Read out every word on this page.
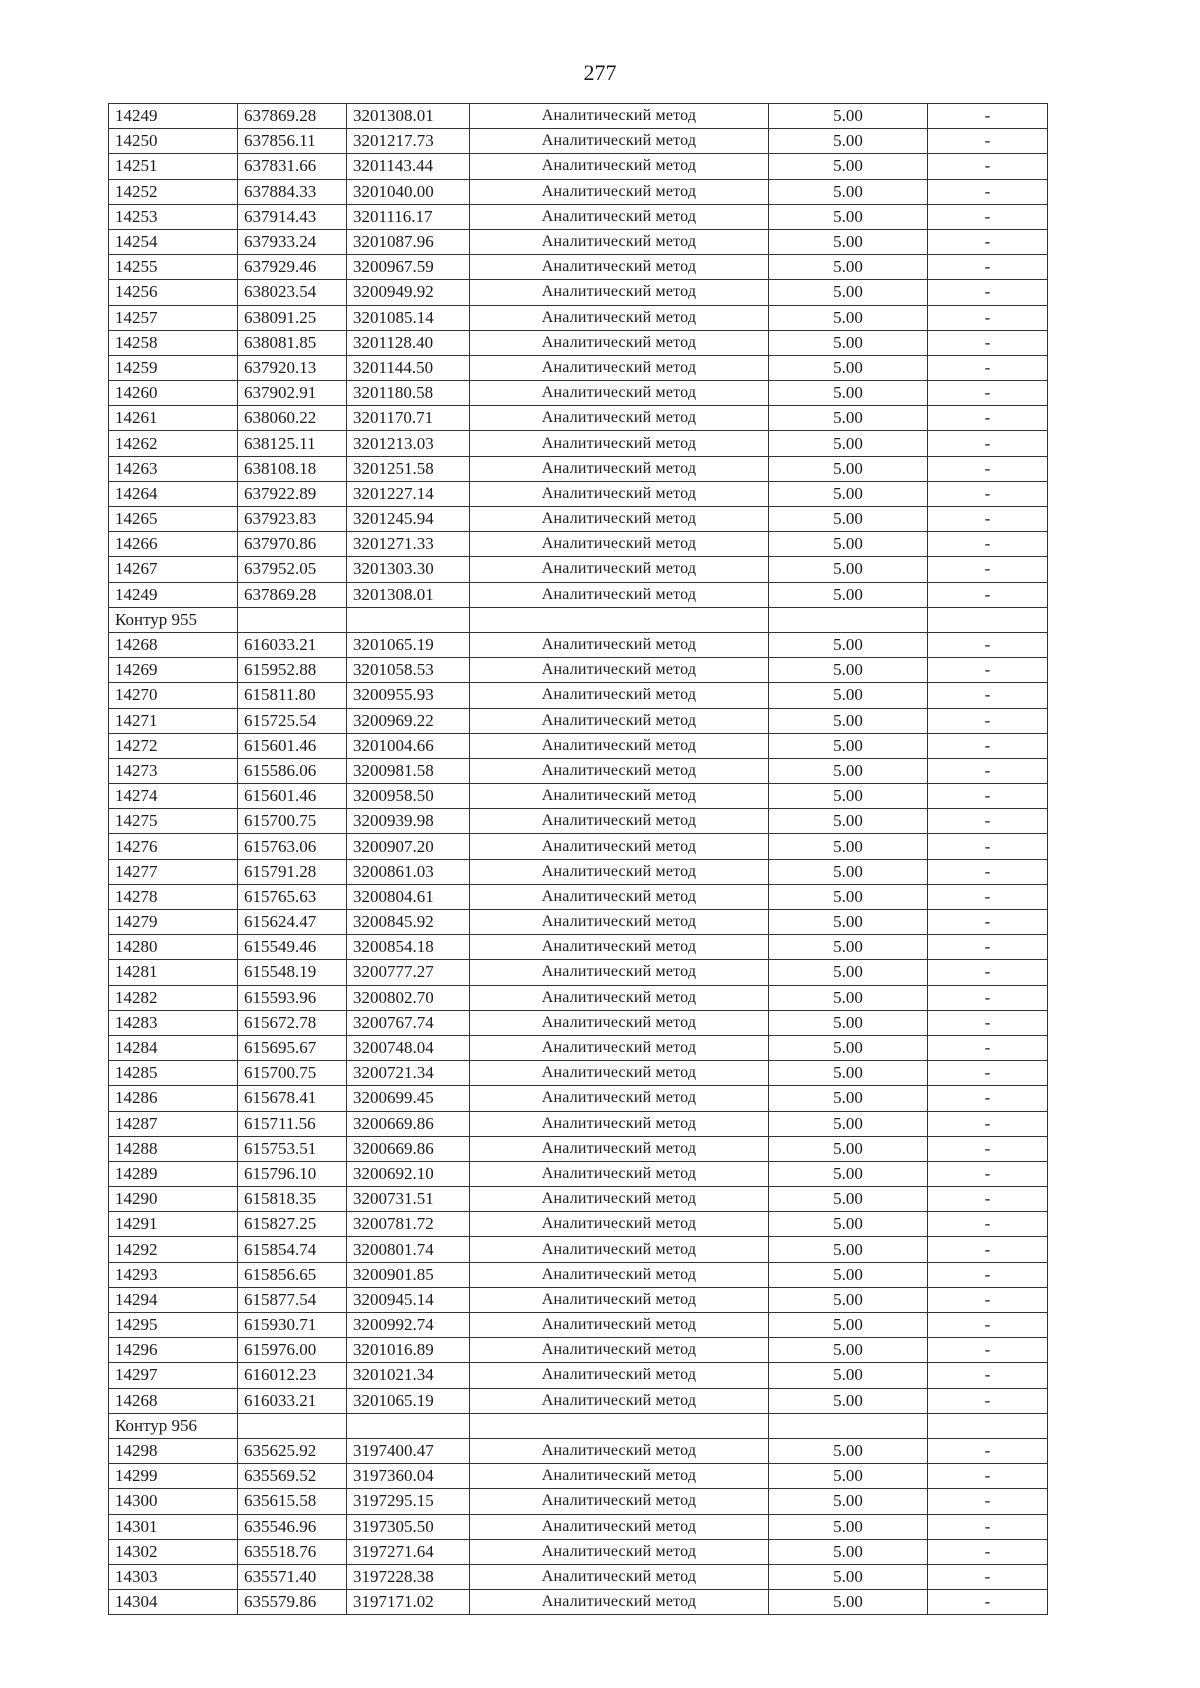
277
14249	637869.28	3201308.01	Аналитический метод	5.00	-
14250	637856.11	3201217.73	Аналитический метод	5.00	-
14251	637831.66	3201143.44	Аналитический метод	5.00	-
14252	637884.33	3201040.00	Аналитический метод	5.00	-
14253	637914.43	3201116.17	Аналитический метод	5.00	-
14254	637933.24	3201087.96	Аналитический метод	5.00	-
14255	637929.46	3200967.59	Аналитический метод	5.00	-
14256	638023.54	3200949.92	Аналитический метод	5.00	-
14257	638091.25	3201085.14	Аналитический метод	5.00	-
14258	638081.85	3201128.40	Аналитический метод	5.00	-
14259	637920.13	3201144.50	Аналитический метод	5.00	-
14260	637902.91	3201180.58	Аналитический метод	5.00	-
14261	638060.22	3201170.71	Аналитический метод	5.00	-
14262	638125.11	3201213.03	Аналитический метод	5.00	-
14263	638108.18	3201251.58	Аналитический метод	5.00	-
14264	637922.89	3201227.14	Аналитический метод	5.00	-
14265	637923.83	3201245.94	Аналитический метод	5.00	-
14266	637970.86	3201271.33	Аналитический метод	5.00	-
14267	637952.05	3201303.30	Аналитический метод	5.00	-
14249	637869.28	3201308.01	Аналитический метод	5.00	-
Контур 955					
14268	616033.21	3201065.19	Аналитический метод	5.00	-
14269	615952.88	3201058.53	Аналитический метод	5.00	-
14270	615811.80	3200955.93	Аналитический метод	5.00	-
14271	615725.54	3200969.22	Аналитический метод	5.00	-
14272	615601.46	3201004.66	Аналитический метод	5.00	-
14273	615586.06	3200981.58	Аналитический метод	5.00	-
14274	615601.46	3200958.50	Аналитический метод	5.00	-
14275	615700.75	3200939.98	Аналитический метод	5.00	-
14276	615763.06	3200907.20	Аналитический метод	5.00	-
14277	615791.28	3200861.03	Аналитический метод	5.00	-
14278	615765.63	3200804.61	Аналитический метод	5.00	-
14279	615624.47	3200845.92	Аналитический метод	5.00	-
14280	615549.46	3200854.18	Аналитический метод	5.00	-
14281	615548.19	3200777.27	Аналитический метод	5.00	-
14282	615593.96	3200802.70	Аналитический метод	5.00	-
14283	615672.78	3200767.74	Аналитический метод	5.00	-
14284	615695.67	3200748.04	Аналитический метод	5.00	-
14285	615700.75	3200721.34	Аналитический метод	5.00	-
14286	615678.41	3200699.45	Аналитический метод	5.00	-
14287	615711.56	3200669.86	Аналитический метод	5.00	-
14288	615753.51	3200669.86	Аналитический метод	5.00	-
14289	615796.10	3200692.10	Аналитический метод	5.00	-
14290	615818.35	3200731.51	Аналитический метод	5.00	-
14291	615827.25	3200781.72	Аналитический метод	5.00	-
14292	615854.74	3200801.74	Аналитический метод	5.00	-
14293	615856.65	3200901.85	Аналитический метод	5.00	-
14294	615877.54	3200945.14	Аналитический метод	5.00	-
14295	615930.71	3200992.74	Аналитический метод	5.00	-
14296	615976.00	3201016.89	Аналитический метод	5.00	-
14297	616012.23	3201021.34	Аналитический метод	5.00	-
14268	616033.21	3201065.19	Аналитический метод	5.00	-
Контур 956					
14298	635625.92	3197400.47	Аналитический метод	5.00	-
14299	635569.52	3197360.04	Аналитический метод	5.00	-
14300	635615.58	3197295.15	Аналитический метод	5.00	-
14301	635546.96	3197305.50	Аналитический метод	5.00	-
14302	635518.76	3197271.64	Аналитический метод	5.00	-
14303	635571.40	3197228.38	Аналитический метод	5.00	-
14304	635579.86	3197171.02	Аналитический метод	5.00	-
